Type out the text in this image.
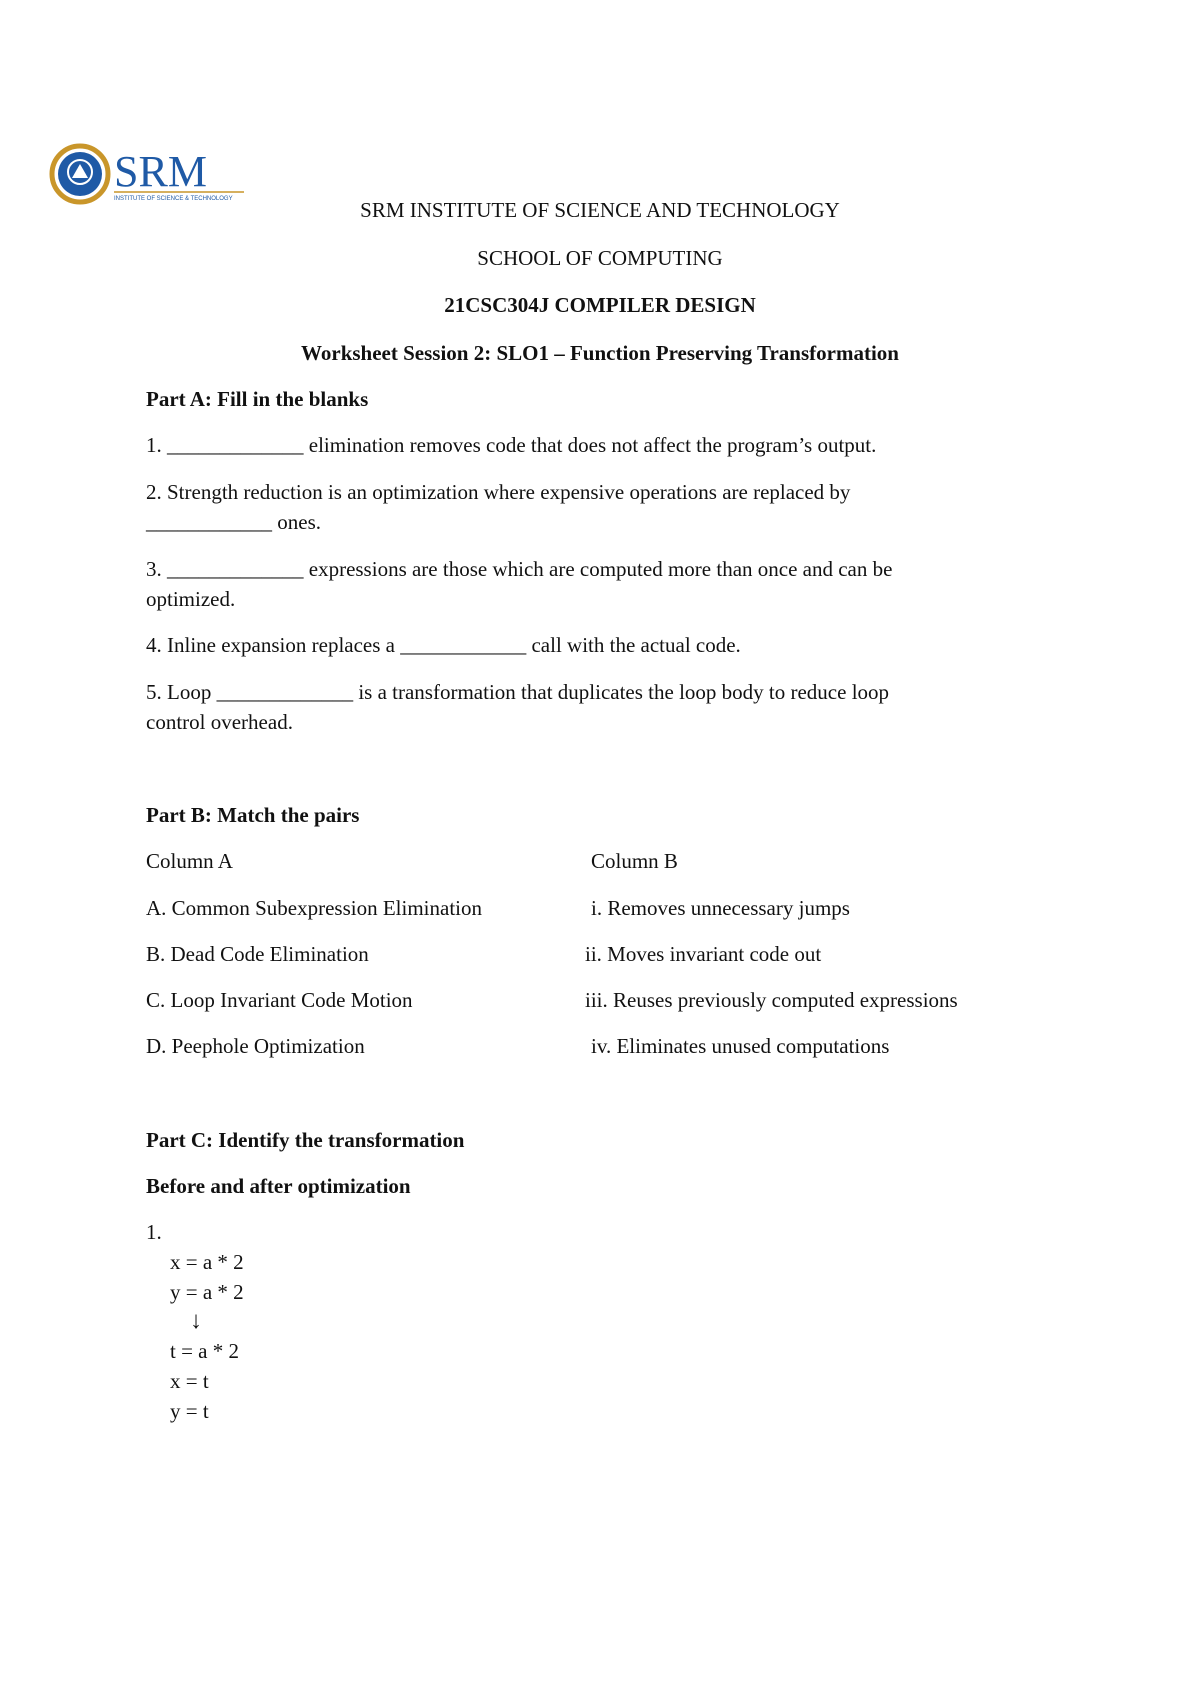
SRM
INSTITUTE OF SCIENCE & TECHNOLOGY	SRM INSTITUTE OF SCIENCE AND TECHNOLOGY
SCHOOL OF COMPUTING
21CSC304J COMPILER DESIGN
Worksheet Session 2: SLO1 – Function Preserving Transformation
Part A: Fill in the blanks
1. _____________ elimination removes code that does not affect the program’s output.
2. Strength reduction is an optimization where expensive operations are replaced by
____________ ones.
3. _____________ expressions are those which are computed more than once and can be
optimized.
4. Inline expansion replaces a ____________ call with the actual code.
5. Loop _____________ is a transformation that duplicates the loop body to reduce loop
control overhead.
Part B: Match the pairs
Column A	Column B
A. Common Subexpression Elimination	i. Removes unnecessary jumps
B. Dead Code Elimination	ii. Moves invariant code out
C. Loop Invariant Code Motion	iii. Reuses previously computed expressions
D. Peephole Optimization	iv. Eliminates unused computations
Part C: Identify the transformation
Before and after optimization
1.
x = a * 2
y = a * 2
↓
t = a * 2
x = t
y = t
